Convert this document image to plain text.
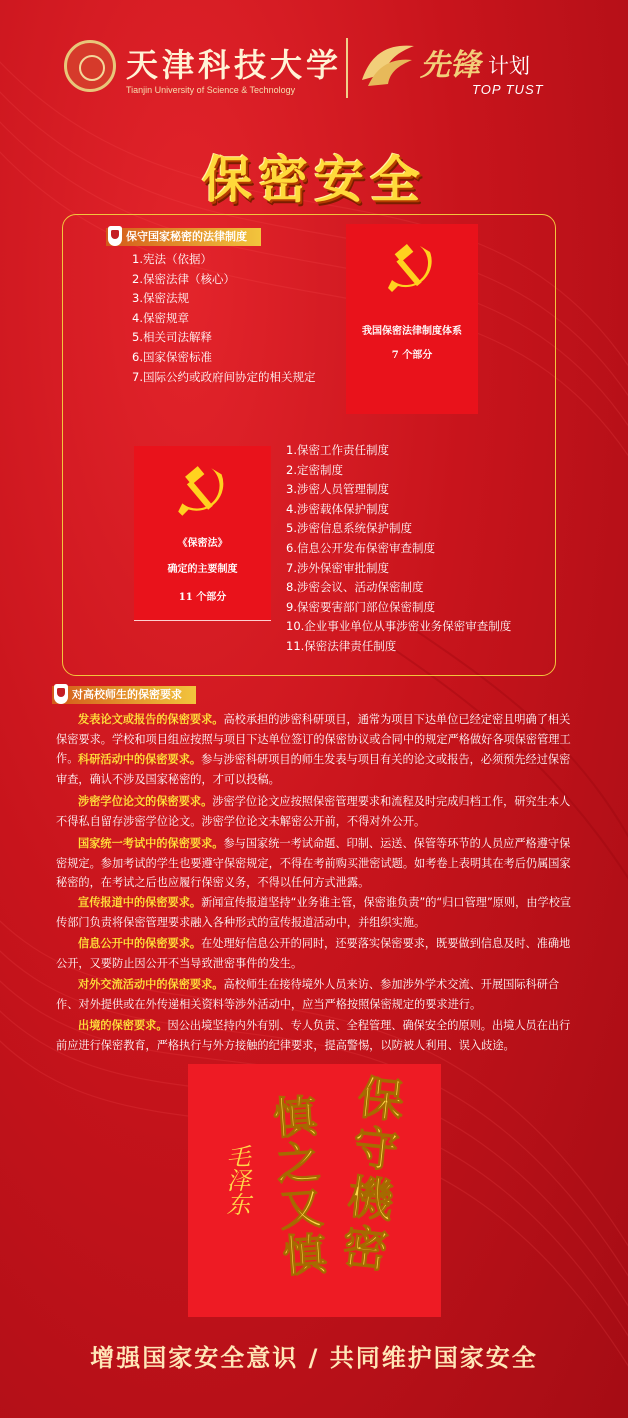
天津科技大学
Tianjin University of Science & Technology
先锋 计划
TOP TUST
保密安全
保守国家秘密的法律制度
1.宪法（依据）
2.保密法律（核心）
3.保密法规
4.保密规章
5.相关司法解释
6.国家保密标准
7.国际公约或政府间协定的相关规定
我国保密法律制度体系
7 个部分
《保密法》
确定的主要制度
11 个部分
1.保密工作责任制度
2.定密制度
3.涉密人员管理制度
4.涉密载体保护制度
5.涉密信息系统保护制度
6.信息公开发布保密审查制度
7.涉外保密审批制度
8.涉密会议、活动保密制度
9.保密要害部门部位保密制度
10.企业事业单位从事涉密业务保密审查制度
11.保密法律责任制度
对高校师生的保密要求

发表论文或报告的保密要求。高校承担的涉密科研项目，通常为项目下达单位已经定密且明确了相关保密要求。学校和项目组应按照与项目下达单位签订的保密协议或合同中的规定严格做好各项保密管理工作。 科研活动中的保密要求。参与涉密科研项目的师生发表与项目有关的论文或报告，必须预先经过保密审查，确认不涉及国家秘密的，才可以投稿。

涉密学位论文的保密要求。涉密学位论文应按照保密管理要求和流程及时完成归档工作，研究生本人不得私自留存涉密学位论文。涉密学位论文未解密公开前，不得对外公开。

国家统一考试中的保密要求。参与国家统一考试命题、印制、运送、保管等环节的人员应严格遵守保密规定。参加考试的学生也要遵守保密规定，不得在考前购买泄密试题。如考卷上表明其在考后仍属国家秘密的，在考试之后也应履行保密义务，不得以任何方式泄露。

宣传报道中的保密要求。新闻宣传报道坚持“业务谁主管，保密谁负责”的“归口管理”原则，由学校宣传部门负责将保密管理要求融入各种形式的宣传报道活动中，并组织实施。

信息公开中的保密要求。在处理好信息公开的同时，还要落实保密要求，既要做到信息及时、准确地公开，又要防止因公开不当导致泄密事件的发生。

对外交流活动中的保密要求。高校师生在接待境外人员来访、参加涉外学术交流、开展国际科研合作、对外提供或在外传递相关资料等涉外活动中，应当严格按照保密规定的要求进行。

出境的保密要求。因公出境坚持内外有别、专人负责、全程管理、确保安全的原则。出境人员在出行前应进行保密教育，严格执行与外方接触的纪律要求，提高警惕，以防被人利用、误入歧途。

保守機密
慎之又慎
毛泽东
增强国家安全意识 / 共同维护国家安全
